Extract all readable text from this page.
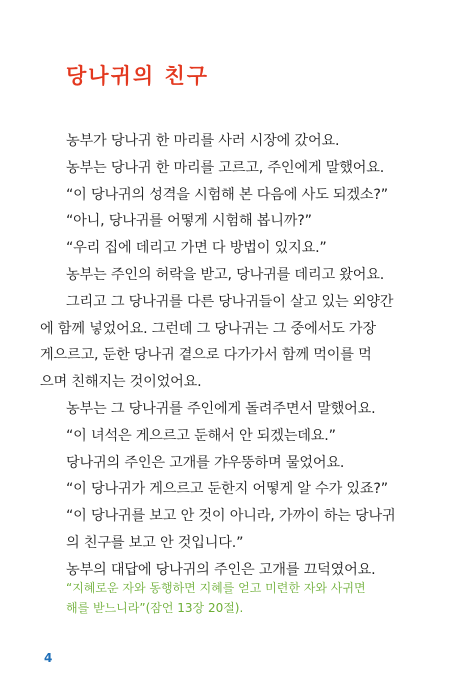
당나귀의 친구
농부가 당나귀 한 마리를 사러 시장에 갔어요.
농부는 당나귀 한 마리를 고르고, 주인에게 말했어요.
“이 당나귀의 성격을 시험해 본 다음에 사도 되겠소?”
“아니, 당나귀를 어떻게 시험해 봅니까?”
“우리 집에 데리고 가면 다 방법이 있지요.”
농부는 주인의 허락을 받고, 당나귀를 데리고 왔어요.
그리고 그 당나귀를 다른 당나귀들이 살고 있는 외양간
에 함께 넣었어요. 그런데 그 당나귀는 그 중에서도 가장
게으르고, 둔한 당나귀 곁으로 다가가서 함께 먹이를 먹
으며 친해지는 것이었어요.
농부는 그 당나귀를 주인에게 돌려주면서 말했어요.
“이 녀석은 게으르고 둔해서 안 되겠는데요.”
당나귀의 주인은 고개를 갸우뚱하며 물었어요.
“이 당나귀가 게으르고 둔한지 어떻게 알 수가 있죠?”
“이 당나귀를 보고 안 것이 아니라, 가까이 하는 당나귀
의 친구를 보고 안 것입니다.”
농부의 대답에 당나귀의 주인은 고개를 끄덕였어요.
“지혜로운 자와 동행하면 지혜를 얻고 미련한 자와 사귀면
해를 받느니라”(잠언 13장 20절).
4
